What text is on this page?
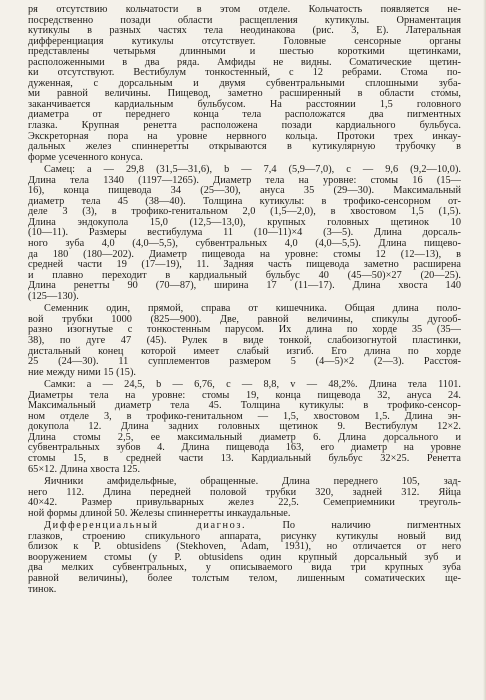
ря отсутствию кольчатости в этом отделе. Кольчатость появляется не-
посредственно позади области расщепления кутикулы. Орнаментация
кутикулы в разных частях тела неодинакова (рис. 3, Е). Латеральная
дифференциация кутикулы отсутствует. Головные сенсорные органы
представлены четырьмя длинными и шестью короткими щетинками,
расположенными в два ряда. Амфиды не видны. Соматические щетин-
ки отсутствуют. Вестибулум тонкостенный, с 12 ребрами. Стома по-
дуженная, с дорсальным и двумя субвентральными сплошными зуба-
ми равной величины. Пищевод, заметно расширенный в области стомы,
заканчивается кардиальным бульбусом. На расстоянии 1,5 головного
диаметра от переднего конца тела расположатся два пигментных
глазка. Крупная ренетта расположена позади кардиального бульбуса.
Экскреторная пора на уровне нервного кольца. Протоки трех инкау-
дальных желез спиннеретты открываются в кутикулярную трубочку в
форме усеченного конуса.

Самец: a — 29,8 (31,5—31,6), b — 7,4 (5,9—7,0), c — 9,6 (9,2—10,0).
Длина тела 1340 (1197—1265). Диаметр тела на уровне: стомы 16 (15—
16), конца пищевода 34 (25—30), ануса 35 (29—30). Максимальный
диаметр тела 45 (38—40). Толщина кутикулы: в трофико-сенсорном от-
деле 3 (3), в трофико-генитальном 2,0 (1,5—2,0), в хвостовом 1,5 (1,5).
Длина эндокупола 15,0 (12,5—13,0), крупных головных щетинок 10
(10—11). Размеры вестибулума 11 (10—11)×4 (3—5). Длина дорсаль-
ного зуба 4,0 (4,0—5,5), субвентральных 4,0 (4,0—5,5). Длина пищево-
да 180 (180—202). Диаметр пищевода на уровне: стомы 12 (12—13), в
средней части 19 (17—19), 11. Задняя часть пищевода заметно расширена
и плавно переходит в кардиальный бульбус 40 (45—50)×27 (20—25).
Длина ренетты 90 (70—87), ширина 17 (11—17). Длина хвоста 140
(125—130).

Семенник один, прямой, справа от кишечника. Общая длина поло-
вой трубки 1000 (825—900). Две, равной величины, спикулы дугооб-
разно изогнутые с тонкостенным парусом. Их длина по хорде 35 (35—
38), по дуге 47 (45). Рулек в виде тонкой, слабоизогнутой пластинки,
дистальный конец которой имеет слабый изгиб. Его длина по хорде
25 (24—30). 11 супплементов размером 5 (4—5)×2 (2—3). Расстоя-
ние между ними 15 (15).

Самки: a — 24,5, b — 6,76, c — 8,8, v — 48,2%. Длина тела 1101.
Диаметры тела на уровне: стомы 19, конца пищевода 32, ануса 24.
Максимальный диаметр тела 45. Толщина кутикулы: в трофико-сенсор-
ном отделе 3, в трофико-генитальном — 1,5, хвостовом 1,5. Длина эн-
докупола 12. Длина задних головных щетинок 9. Вестибулум 12×2.
Длина стомы 2,5, ее максимальный диаметр 6. Длина дорсального и
субвентральных зубов 4. Длина пищевода 163, его диаметр на уровне
стомы 15, в средней части 13. Кардиальный бульбус 32×25. Ренетта
65×12. Длина хвоста 125.

Яичники амфидельфные, обращенные. Длина переднего 105, зад-
него 112. Длина передней половой трубки 320, задней 312. Яйца
40×42. Размер привульварных желез 22,5. Семеприемники треуголь-
ной формы длиной 50. Железы спиннеретты инкаудальные.

Дифференциальный диагноз. По наличию пигментных
глазков, строению спикульного аппарата, рисунку кутикулы новый вид
близок к P. obtusidens (Stekhoven, Adam, 1931), но отличается от него
вооружением стомы (у P. obtusidens один крупный дорсальный зуб и
два мелких субвентральных, у описываемого вида три крупных зуба
равной величины), более толстым телом, лишенным соматических ще-
тинок.
